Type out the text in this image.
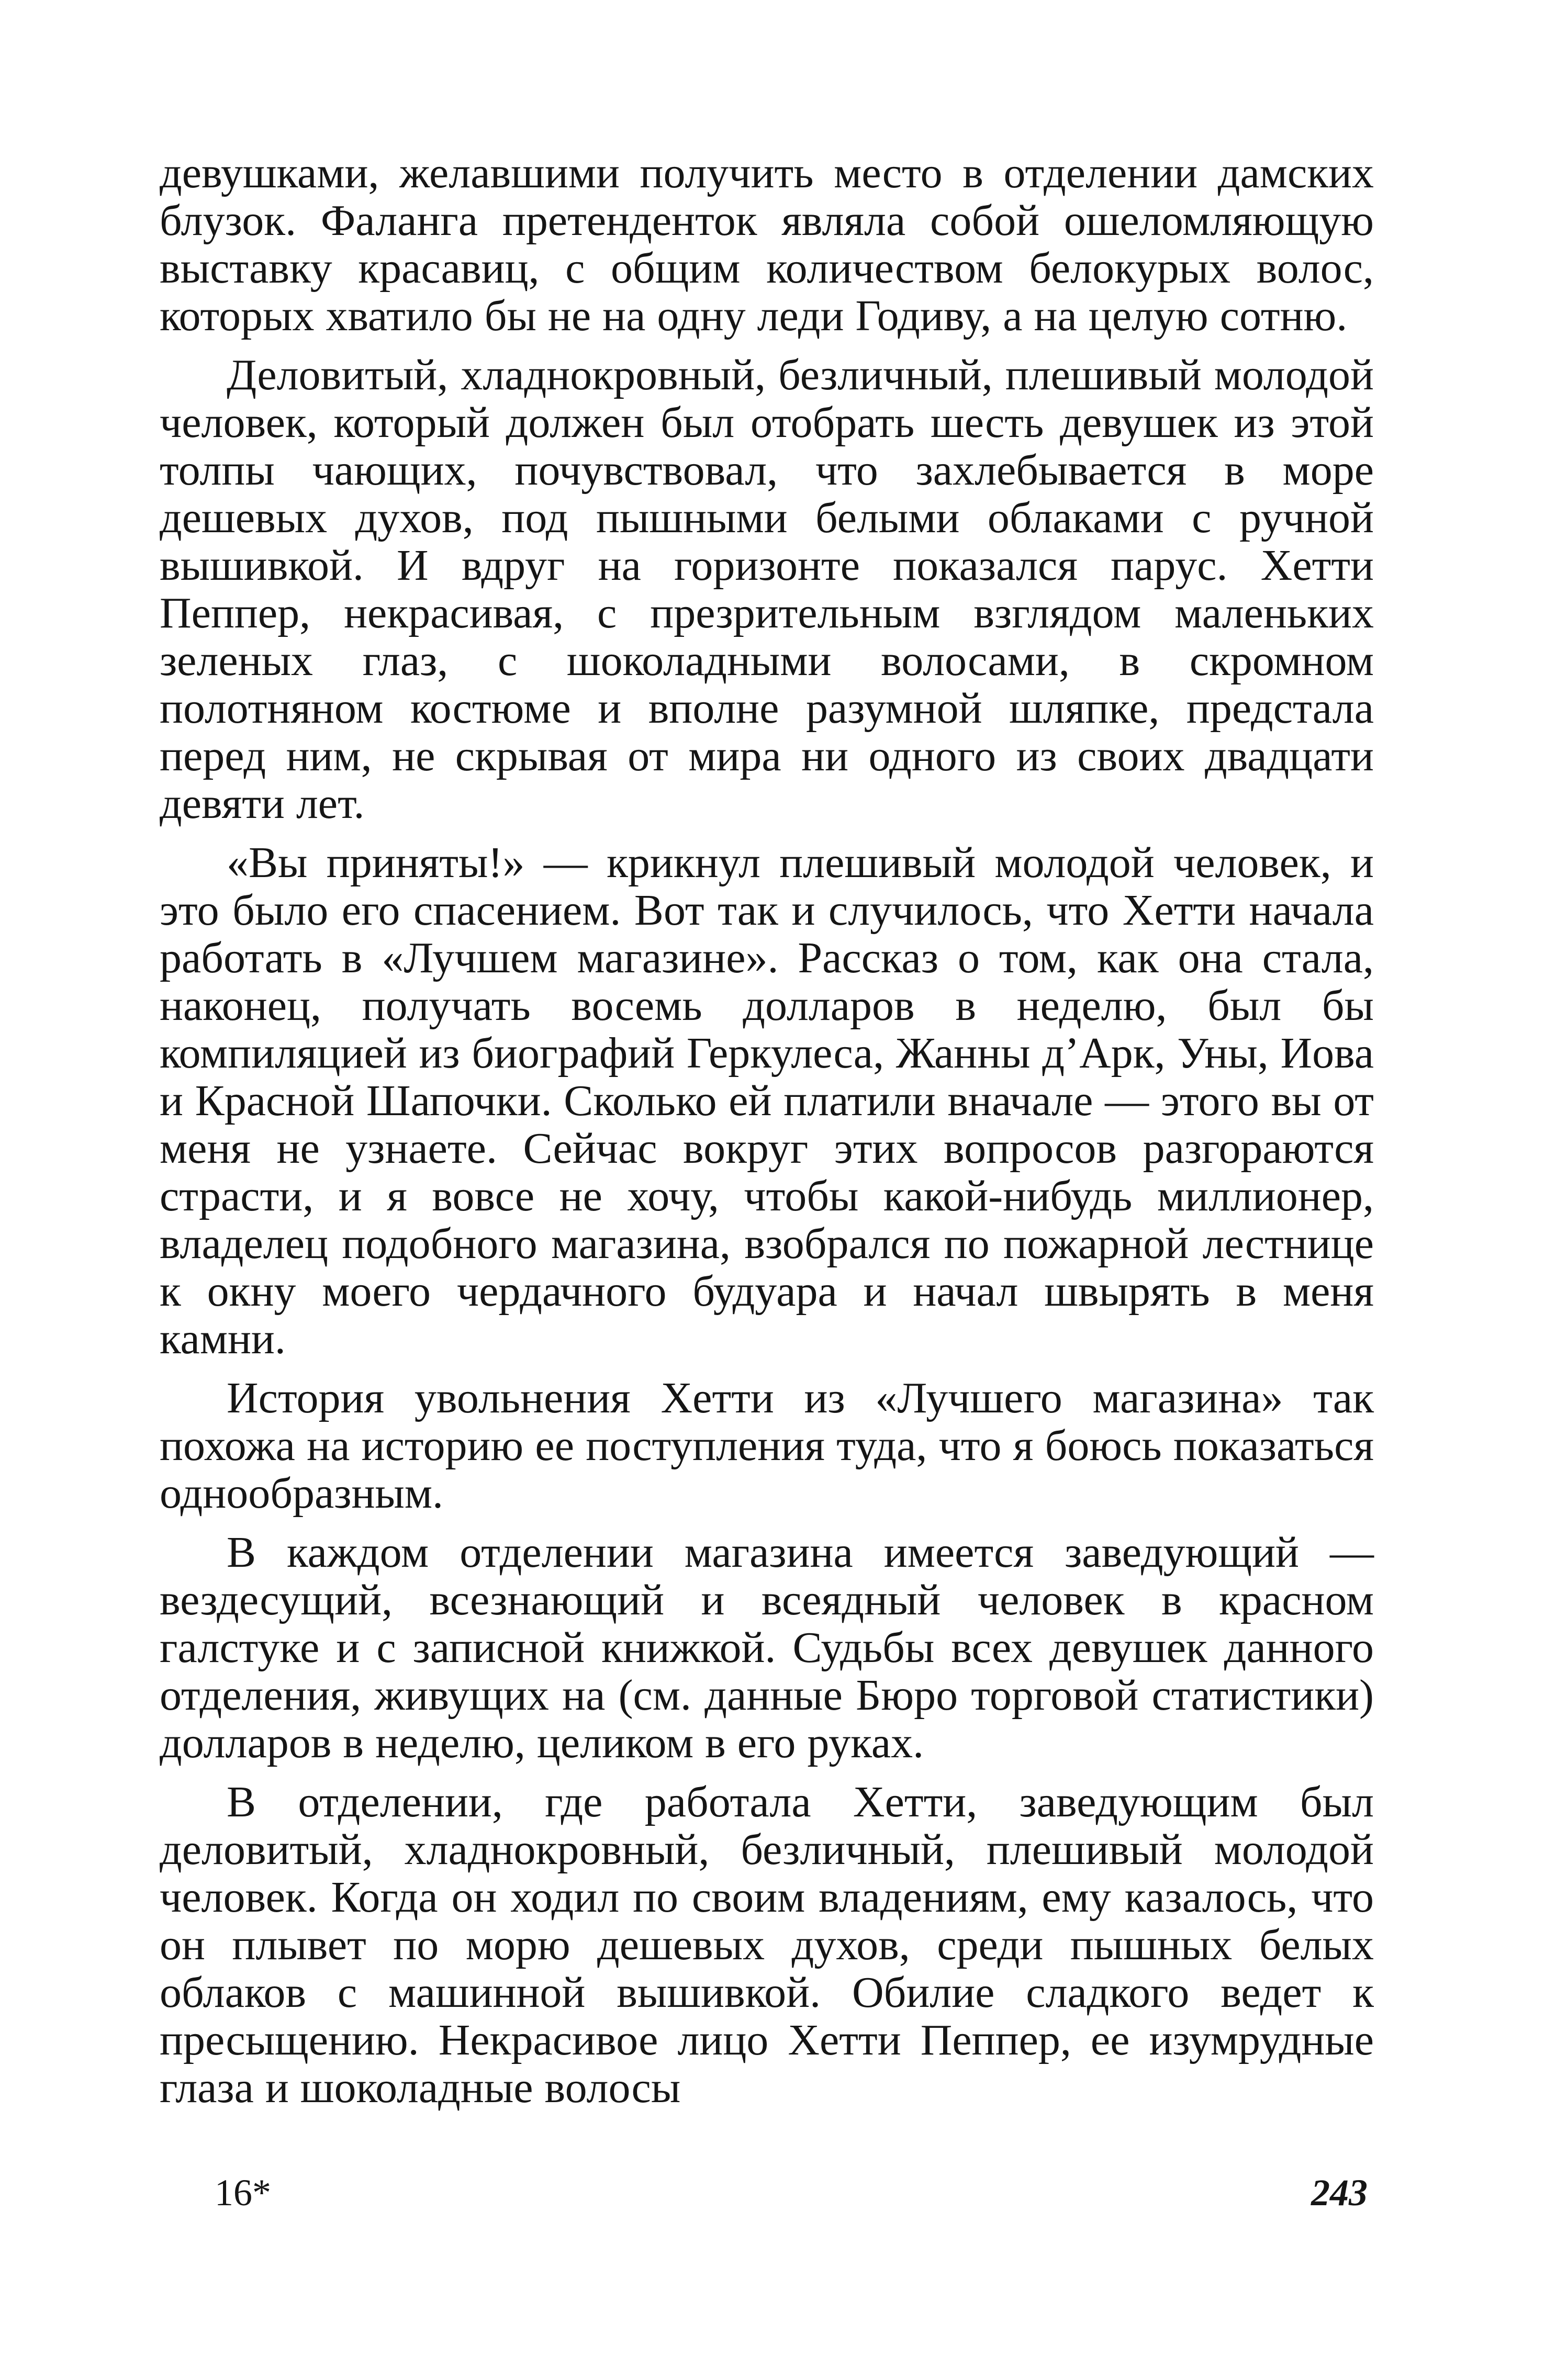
девушками, желавшими получить место в отделении дамских блузок. Фаланга претенденток являла собой ошеломляющую выставку красавиц, с общим количеством белокурых волос, которых хватило бы не на одну леди Годиву, а на целую сотню.

Деловитый, хладнокровный, безличный, плешивый молодой человек, который должен был отобрать шесть девушек из этой толпы чающих, почувствовал, что захлебывается в море дешевых духов, под пышными белыми облаками с ручной вышивкой. И вдруг на горизонте показался парус. Хетти Пеппер, некрасивая, с презрительным взглядом маленьких зеленых глаз, с шоколадными волосами, в скромном полотняном костюме и вполне разумной шляпке, предстала перед ним, не скрывая от мира ни одного из своих двадцати девяти лет.

«Вы приняты!» — крикнул плешивый молодой человек, и это было его спасением. Вот так и случилось, что Хетти начала работать в «Лучшем магазине». Рассказ о том, как она стала, наконец, получать восемь долларов в неделю, был бы компиляцией из биографий Геркулеса, Жанны д’Арк, Уны, Иова и Красной Шапочки. Сколько ей платили вначале — этого вы от меня не узнаете. Сейчас вокруг этих вопросов разгораются страсти, и я вовсе не хочу, чтобы какой-нибудь миллионер, владелец подобного магазина, взобрался по пожарной лестнице к окну моего чердачного будуара и начал швырять в меня камни.

История увольнения Хетти из «Лучшего магазина» так похожа на историю ее поступления туда, что я боюсь показаться однообразным.

В каждом отделении магазина имеется заведующий — вездесущий, всезнающий и всеядный человек в красном галстуке и с записной книжкой. Судьбы всех девушек данного отделения, живущих на (см. данные Бюро торговой статистики) долларов в неделю, целиком в его руках.

В отделении, где работала Хетти, заведующим был деловитый, хладнокровный, безличный, плешивый молодой человек. Когда он ходил по своим владениям, ему казалось, что он плывет по морю дешевых духов, среди пышных белых облаков с машинной вышивкой. Обилие сладкого ведет к пресыщению. Некрасивое лицо Хетти Пеппер, ее изумрудные глаза и шоколадные волосы

16*	243
